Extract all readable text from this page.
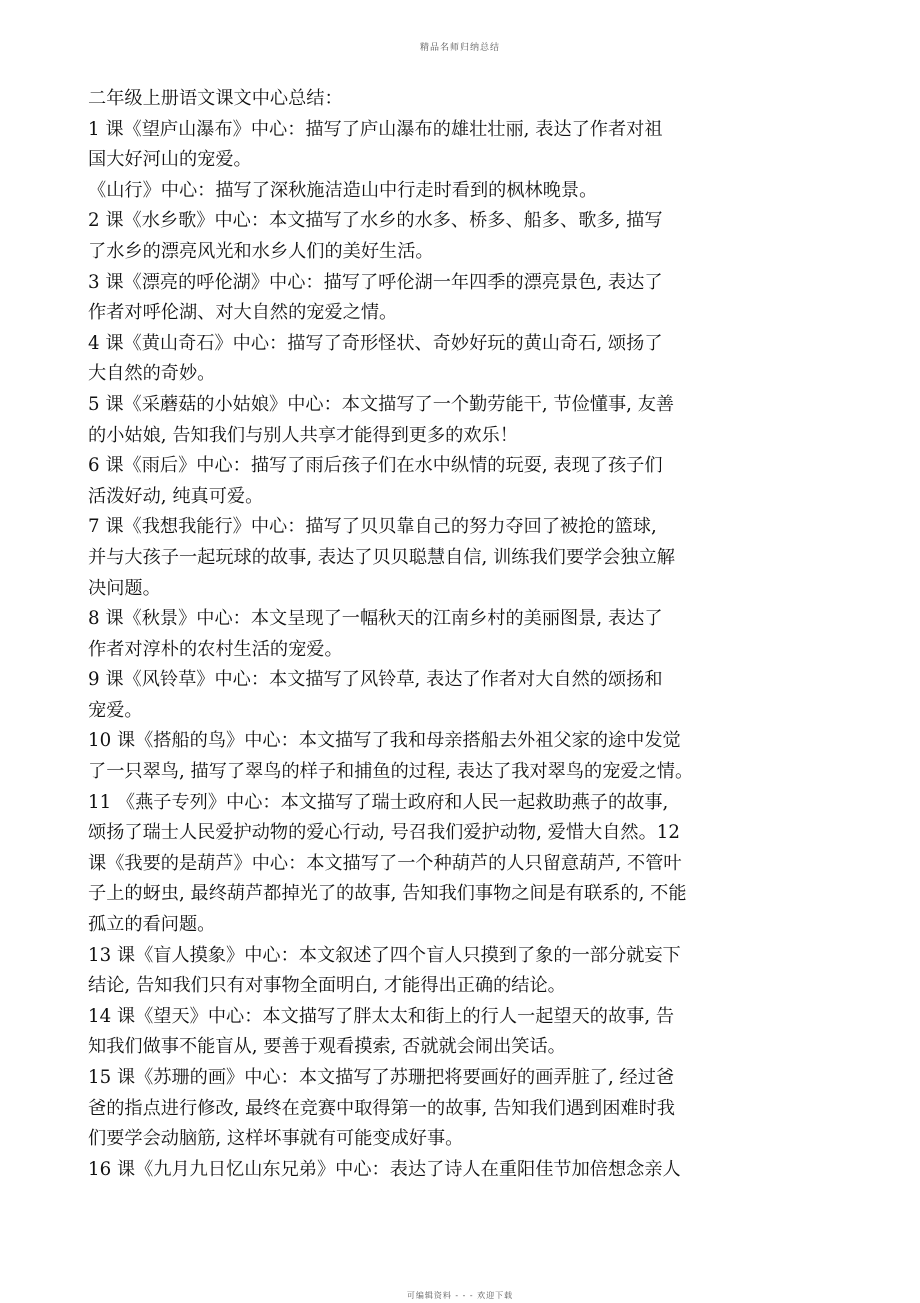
精品名师归纳总结
二年级上册语文课文中心总结：
1 课《望庐山瀑布》中心：描写了庐山瀑布的雄壮壮丽, 表达了作者对祖
国大好河山的宠爱。
《山行》中心：描写了深秋施洁造山中行走时看到的枫林晚景。
2 课《水乡歌》中心：本文描写了水乡的水多、桥多、船多、歌多, 描写
了水乡的漂亮风光和水乡人们的美好生活。
3 课《漂亮的呼伦湖》中心：描写了呼伦湖一年四季的漂亮景色, 表达了
作者对呼伦湖、对大自然的宠爱之情。
4 课《黄山奇石》中心：描写了奇形怪状、奇妙好玩的黄山奇石, 颂扬了
大自然的奇妙。
5 课《采蘑菇的小姑娘》中心：本文描写了一个勤劳能干, 节俭懂事, 友善
的小姑娘, 告知我们与别人共享才能得到更多的欢乐！
6 课《雨后》中心：描写了雨后孩子们在水中纵情的玩耍, 表现了孩子们
活泼好动, 纯真可爱。
7 课《我想我能行》中心：描写了贝贝靠自己的努力夺回了被抢的篮球,
并与大孩子一起玩球的故事, 表达了贝贝聪慧自信, 训练我们要学会独立解
决问题。
8 课《秋景》中心：本文呈现了一幅秋天的江南乡村的美丽图景, 表达了
作者对淳朴的农村生活的宠爱。
9 课《风铃草》中心：本文描写了风铃草, 表达了作者对大自然的颂扬和
宠爱。
10 课《搭船的鸟》中心：本文描写了我和母亲搭船去外祖父家的途中发觉
了一只翠鸟, 描写了翠鸟的样子和捕鱼的过程, 表达了我对翠鸟的宠爱之情。
11 《燕子专列》中心：本文描写了瑞士政府和人民一起救助燕子的故事,
颂扬了瑞士人民爱护动物的爱心行动, 号召我们爱护动物, 爱惜大自然。12
课《我要的是葫芦》中心：本文描写了一个种葫芦的人只留意葫芦, 不管叶
子上的蚜虫, 最终葫芦都掉光了的故事, 告知我们事物之间是有联系的, 不能
孤立的看问题。
13 课《盲人摸象》中心：本文叙述了四个盲人只摸到了象的一部分就妄下
结论, 告知我们只有对事物全面明白, 才能得出正确的结论。
14 课《望天》中心：本文描写了胖太太和街上的行人一起望天的故事, 告
知我们做事不能盲从, 要善于观看摸索, 否就就会闹出笑话。
15 课《苏珊的画》中心：本文描写了苏珊把将要画好的画弄脏了, 经过爸
爸的指点进行修改, 最终在竞赛中取得第一的故事, 告知我们遇到困难时我
们要学会动脑筋, 这样坏事就有可能变成好事。
16 课《九月九日忆山东兄弟》中心：表达了诗人在重阳佳节加倍想念亲人
可编辑资料 - - - 欢迎下载
